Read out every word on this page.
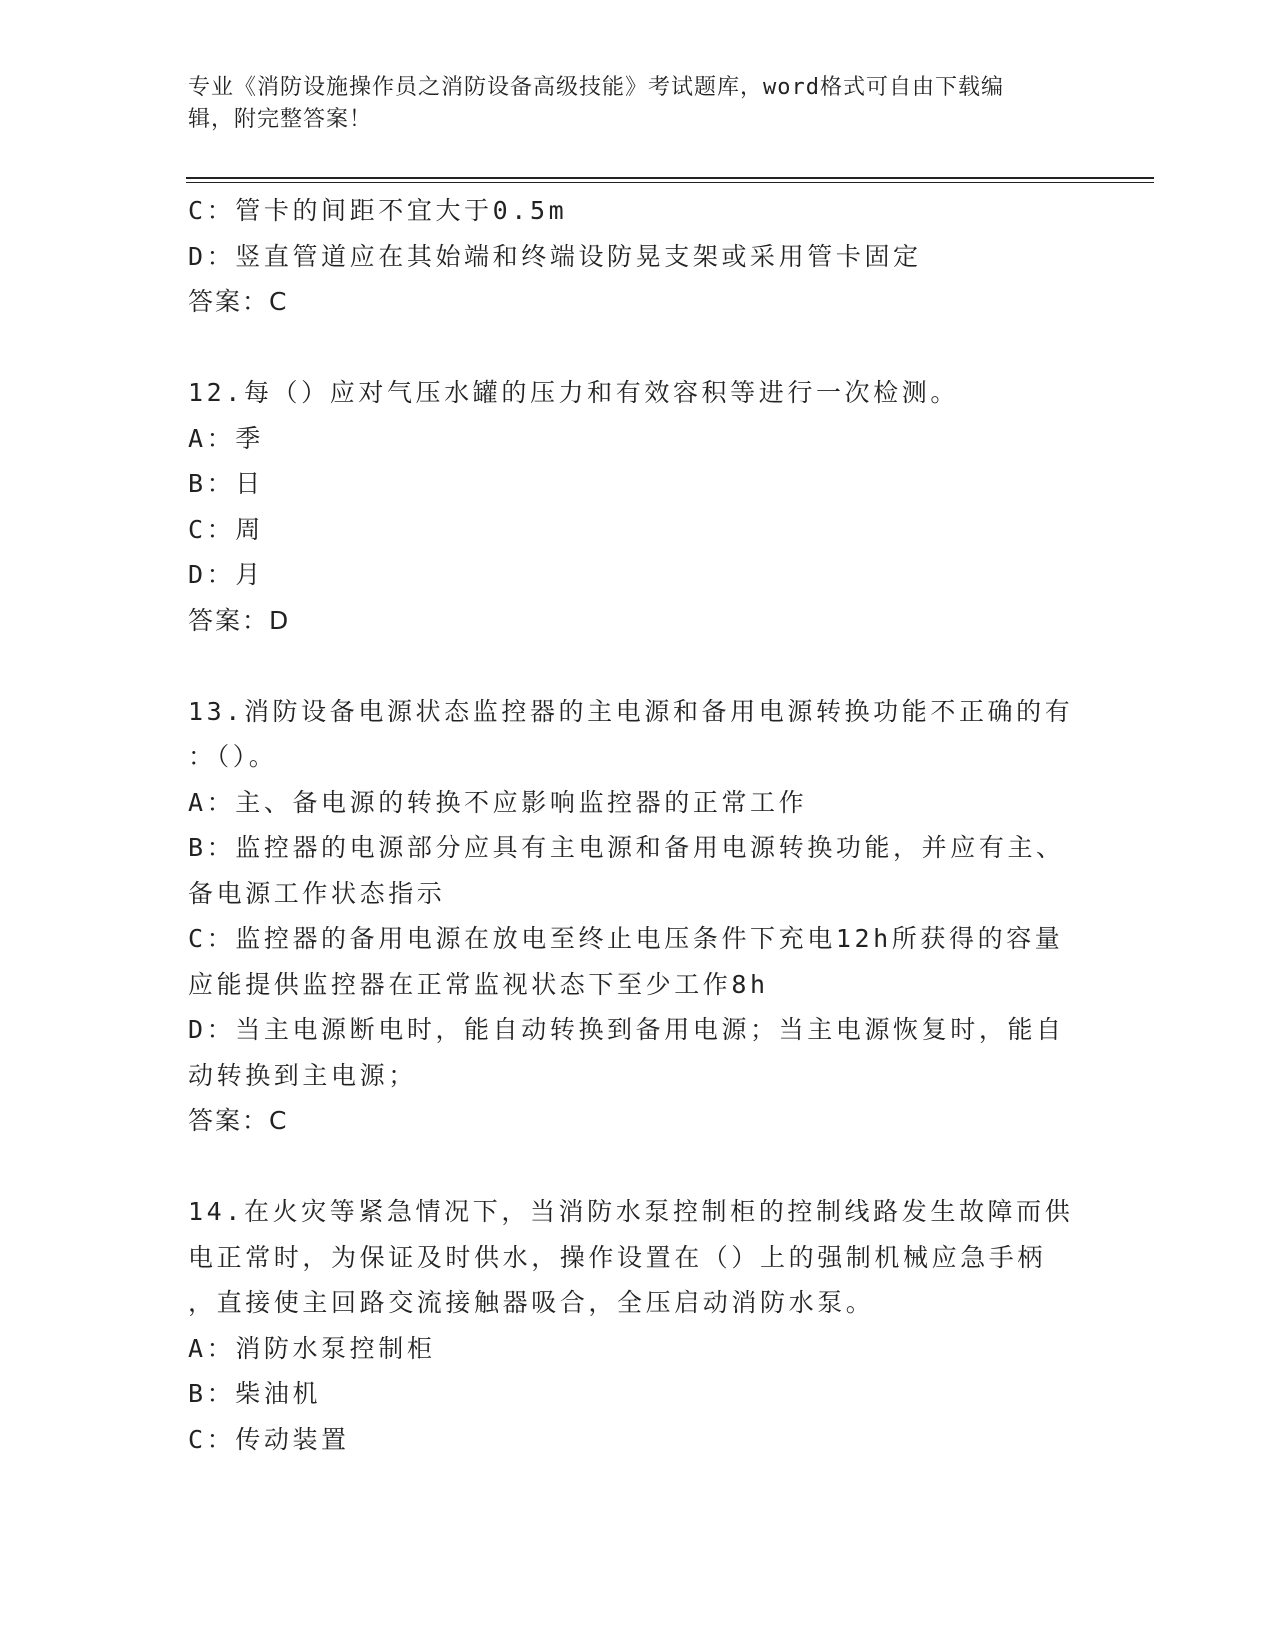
专业《消防设施操作员之消防设备高级技能》考试题库，word格式可自由下载编
辑，附完整答案！
C：管卡的间距不宜大于0.5m
D：竖直管道应在其始端和终端设防晃支架或采用管卡固定
答案：C
12.每（）应对气压水罐的压力和有效容积等进行一次检测。
A：季
B：日
C：周
D：月
答案：D
13.消防设备电源状态监控器的主电源和备用电源转换功能不正确的有
：（）。
A：主、备电源的转换不应影响监控器的正常工作
B：监控器的电源部分应具有主电源和备用电源转换功能，并应有主、
备电源工作状态指示
C：监控器的备用电源在放电至终止电压条件下充电12h所获得的容量
应能提供监控器在正常监视状态下至少工作8h
D：当主电源断电时，能自动转换到备用电源；当主电源恢复时，能自
动转换到主电源；
答案：C
14.在火灾等紧急情况下，当消防水泵控制柜的控制线路发生故障而供
电正常时，为保证及时供水，操作设置在（）上的强制机械应急手柄
，直接使主回路交流接触器吸合，全压启动消防水泵。
A：消防水泵控制柜
B：柴油机
C：传动装置
